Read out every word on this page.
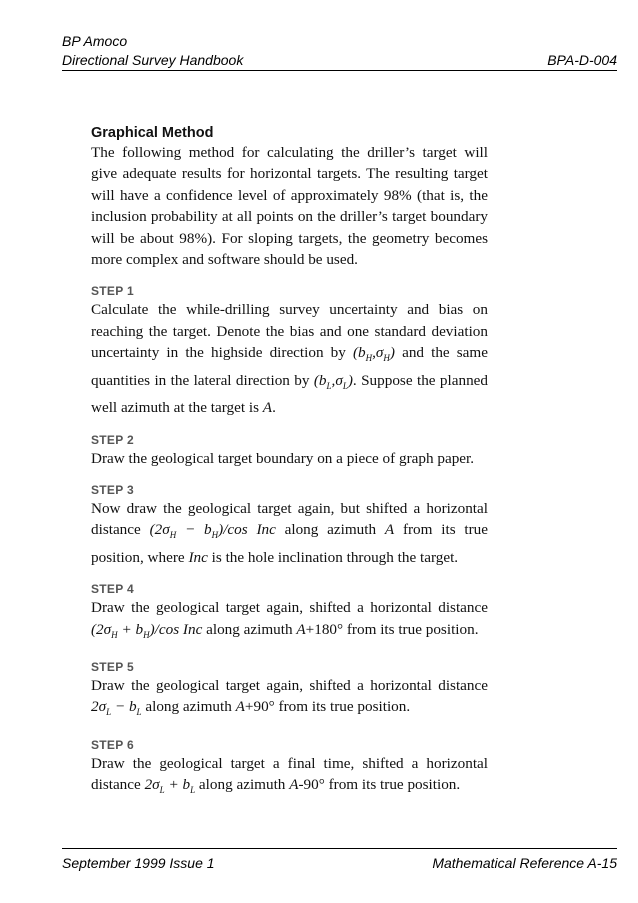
BP Amoco
Directional Survey Handbook	BPA-D-004
Graphical Method

The following method for calculating the driller’s target will give adequate results for horizontal targets. The resulting target will have a confidence level of approximately 98% (that is, the inclusion probability at all points on the driller’s target boundary will be about 98%). For sloping targets, the geometry becomes more complex and software should be used.

STEP 1

Calculate the while-drilling survey uncertainty and bias on reaching the target. Denote the bias and one standard deviation uncertainty in the highside direction by $(b_H,\sigma_H)$ and the same quantities in the lateral direction by $(b_L,\sigma_L)$. Suppose the planned well azimuth at the target is A.

STEP 2

Draw the geological target boundary on a piece of graph paper.

STEP 3

Now draw the geological target again, but shifted a horizontal distance $(2\sigma_H - b_H)/\cos$ Inc along azimuth A from its true position, where Inc is the hole inclination through the target.

STEP 4

Draw the geological target again, shifted a horizontal distance $(2\sigma_H + b_H)/\cos$ Inc along azimuth A+180° from its true position.

STEP 5

Draw the geological target again, shifted a horizontal distance $2\sigma_L - b_L$ along azimuth A+90° from its true position.

STEP 6

Draw the geological target a final time, shifted a horizontal distance $2\sigma_L + b_L$ along azimuth A-90° from its true position.

September 1999 Issue 1	Mathematical Reference A-15
